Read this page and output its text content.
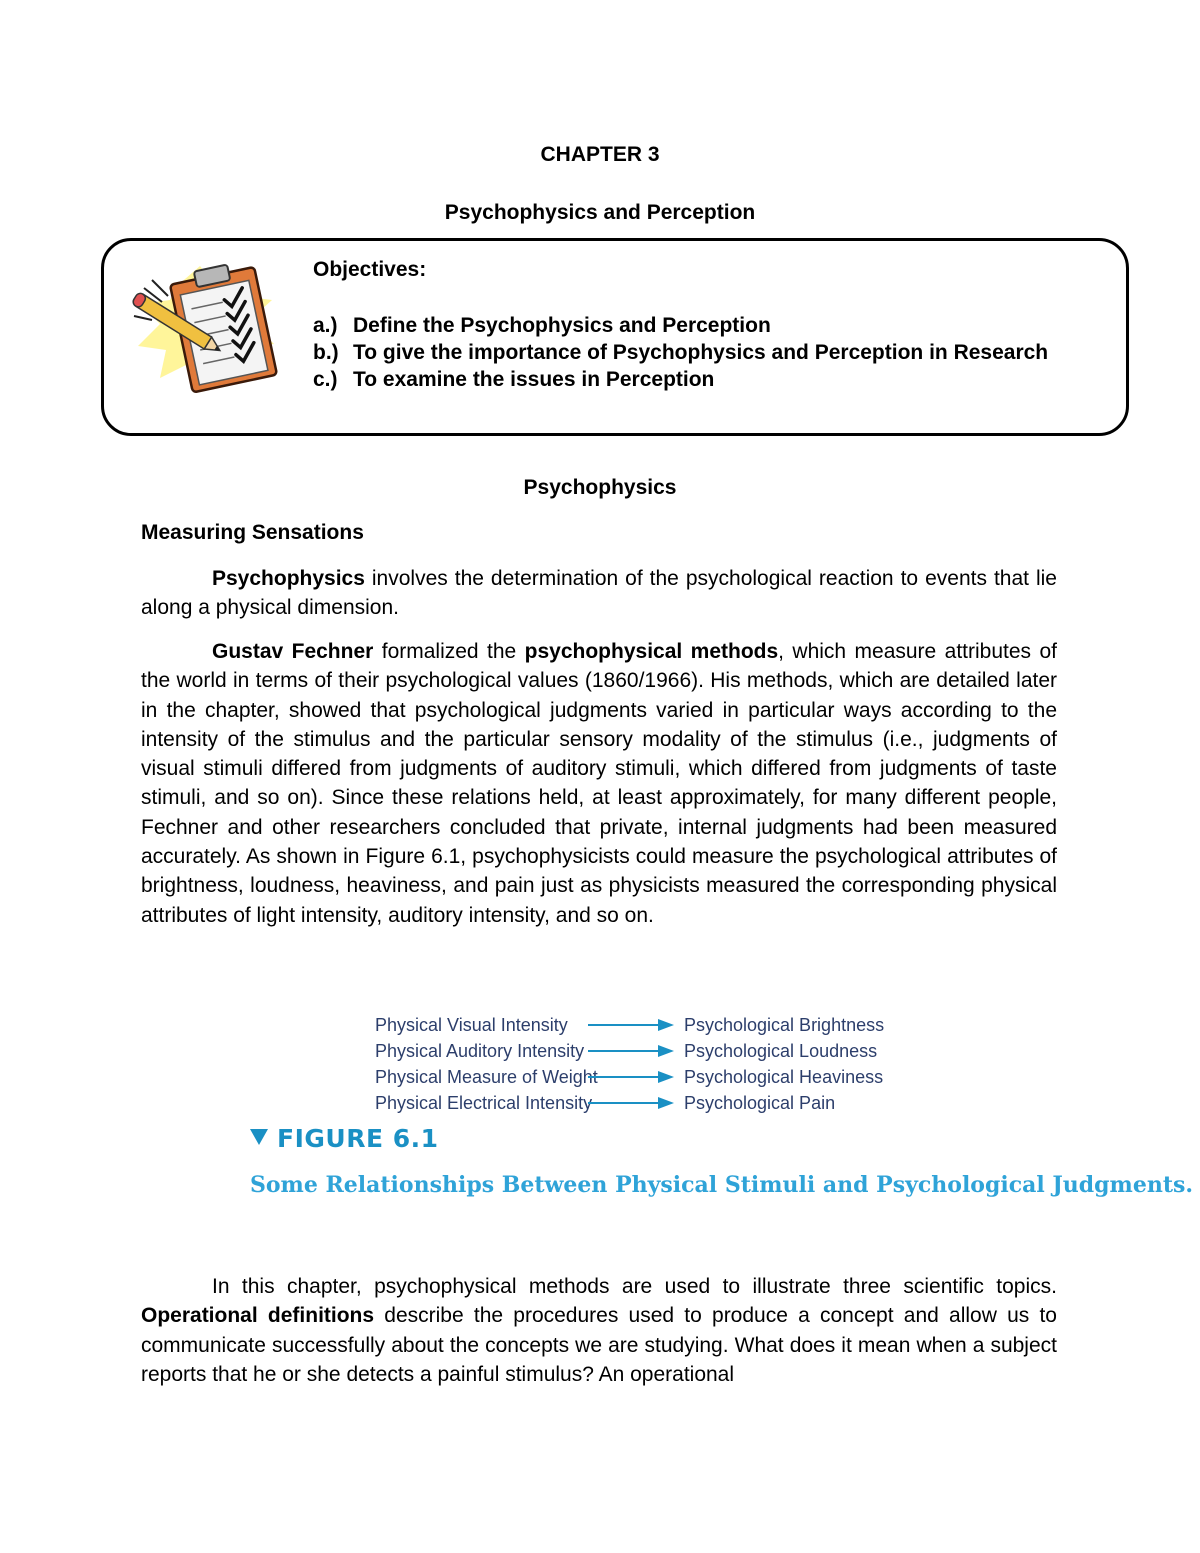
CHAPTER 3
Psychophysics and Perception
Objectives:
a.) Define the Psychophysics and Perception
b.) To give the importance of Psychophysics and Perception in Research
c.) To examine the issues in Perception
Psychophysics
Measuring Sensations

Psychophysics involves the determination of the psychological reaction to events that lie along a physical dimension.

Gustav Fechner formalized the psychophysical methods, which measure attributes of the world in terms of their psychological values (1860/1966). His methods, which are detailed later in the chapter, showed that psychological judgments varied in particular ways according to the intensity of the stimulus and the particular sensory modality of the stimulus (i.e., judgments of visual stimuli differed from judgments of auditory stimuli, which differed from judgments of taste stimuli, and so on). Since these relations held, at least approximately, for many different people, Fechner and other researchers concluded that private, internal judgments had been measured accurately. As shown in Figure 6.1, psychophysicists could measure the psychological attributes of brightness, loudness, heaviness, and pain just as physicists measured the corresponding physical attributes of light intensity, auditory intensity, and so on.

Physical Visual Intensity	Psychological Brightness
Physical Auditory Intensity	Psychological Loudness
Physical Measure of Weight	Psychological Heaviness
Physical Electrical Intensity	Psychological Pain
FIGURE 6.1
Some Relationships Between Physical Stimuli and Psychological Judgments.

In this chapter, psychophysical methods are used to illustrate three scientific topics. Operational definitions describe the procedures used to produce a concept and allow us to communicate successfully about the concepts we are studying. What does it mean when a subject reports that he or she detects a painful stimulus? An operational
